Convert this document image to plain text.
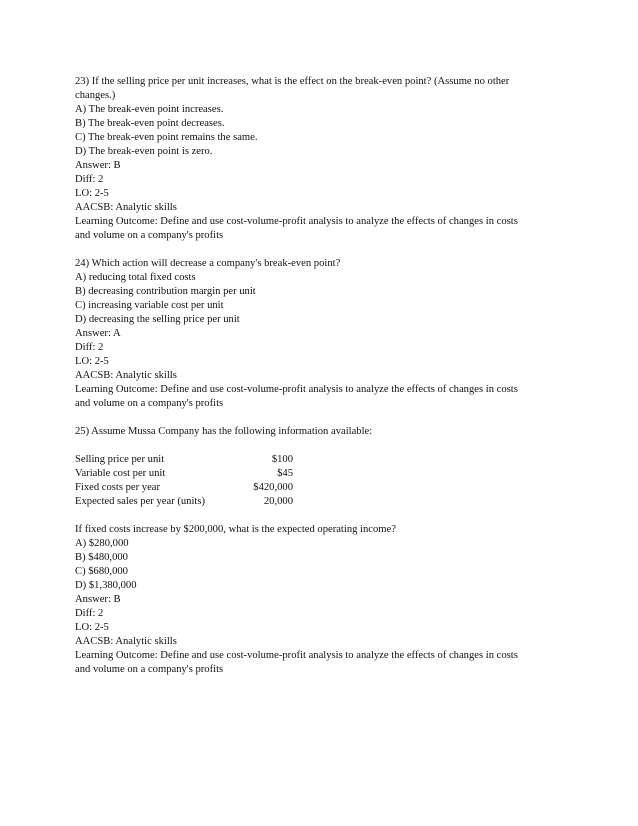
23) If the selling price per unit increases, what is the effect on the break-even point? (Assume no other
changes.)
A) The break-even point increases.
B) The break-even point decreases.
C) The break-even point remains the same.
D) The break-even point is zero.
Answer: B
Diff: 2
LO: 2-5
AACSB: Analytic skills
Learning Outcome: Define and use cost-volume-profit analysis to analyze the effects of changes in costs
and volume on a company's profits
24) Which action will decrease a company's break-even point?
A) reducing total fixed costs
B) decreasing contribution margin per unit
C) increasing variable cost per unit
D) decreasing the selling price per unit
Answer: A
Diff: 2
LO: 2-5
AACSB: Analytic skills
Learning Outcome: Define and use cost-volume-profit analysis to analyze the effects of changes in costs
and volume on a company's profits
25) Assume Mussa Company has the following information available:
Selling price per unit	$100
Variable cost per unit	$45
Fixed costs per year	$420,000
Expected sales per year (units)	20,000
If fixed costs increase by $200,000, what is the expected operating income?
A) $280,000
B) $480,000
C) $680,000
D) $1,380,000
Answer: B
Diff: 2
LO: 2-5
AACSB: Analytic skills
Learning Outcome: Define and use cost-volume-profit analysis to analyze the effects of changes in costs
and volume on a company's profits
